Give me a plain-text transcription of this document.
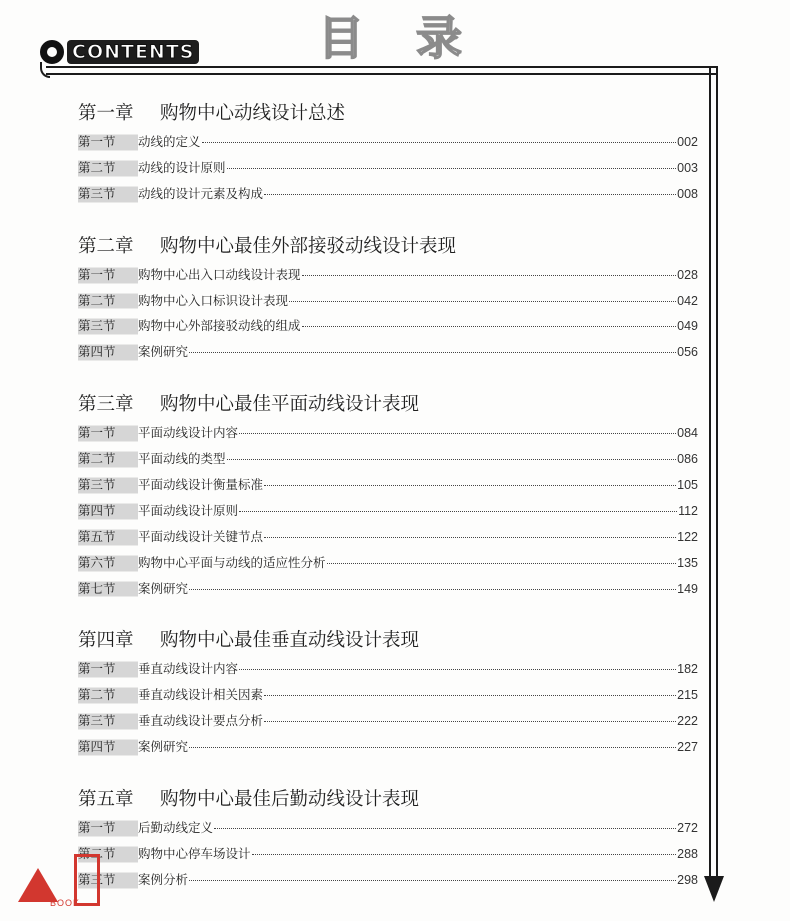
目 录
CONTENTS
第一章	购物中心动线设计总述
第一节	动线的定义	002
第二节	动线的设计原则	003
第三节	动线的设计元素及构成	008
第二章	购物中心最佳外部接驳动线设计表现
第一节	购物中心出入口动线设计表现	028
第二节	购物中心入口标识设计表现	042
第三节	购物中心外部接驳动线的组成	049
第四节	案例研究	056
第三章	购物中心最佳平面动线设计表现
第一节	平面动线设计内容	084
第二节	平面动线的类型	086
第三节	平面动线设计衡量标准	105
第四节	平面动线设计原则	112
第五节	平面动线设计关键节点	122
第六节	购物中心平面与动线的适应性分析	135
第七节	案例研究	149
第四章	购物中心最佳垂直动线设计表现
第一节	垂直动线设计内容	182
第二节	垂直动线设计相关因素	215
第三节	垂直动线设计要点分析	222
第四节	案例研究	227
第五章	购物中心最佳后勤动线设计表现
第一节	后勤动线定义	272
第二节	购物中心停车场设计	288
第三节	案例分析	298
BOOK
